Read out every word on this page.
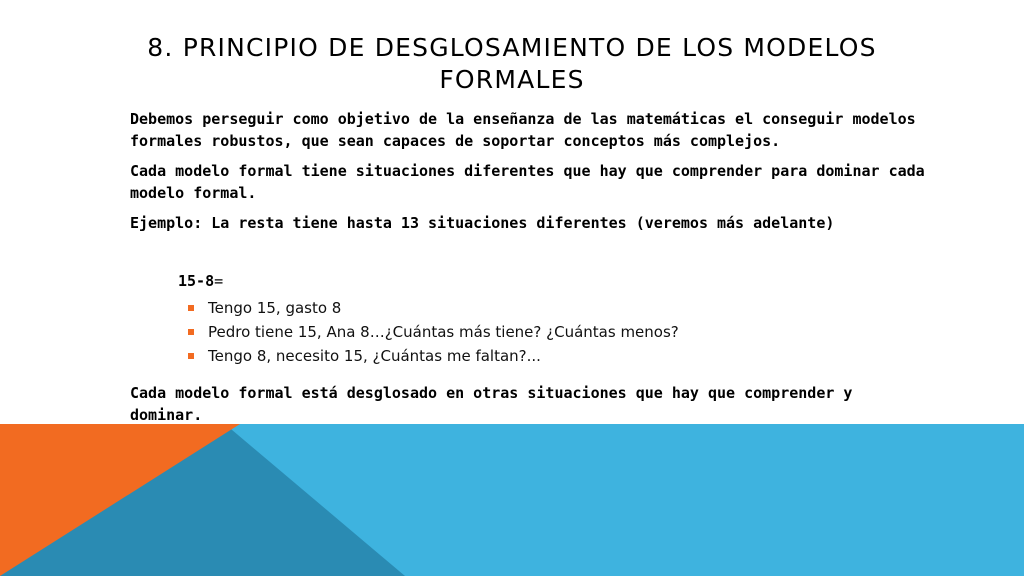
8. PRINCIPIO DE DESGLOSAMIENTO DE LOS MODELOS FORMALES

Debemos perseguir como objetivo de la enseñanza de las matemáticas el conseguir modelos formales robustos, que sean capaces de soportar conceptos más complejos.

Cada modelo formal tiene situaciones diferentes que hay que comprender para dominar cada modelo formal.

Ejemplo: La resta tiene hasta 13 situaciones diferentes (veremos más adelante)

15-8=
Tengo 15, gasto 8
Pedro tiene 15, Ana 8…¿Cuántas más tiene? ¿Cuántas menos?
Tengo 8, necesito 15, ¿Cuántas me faltan?...

Cada modelo formal está desglosado en otras situaciones que hay que comprender y dominar.
